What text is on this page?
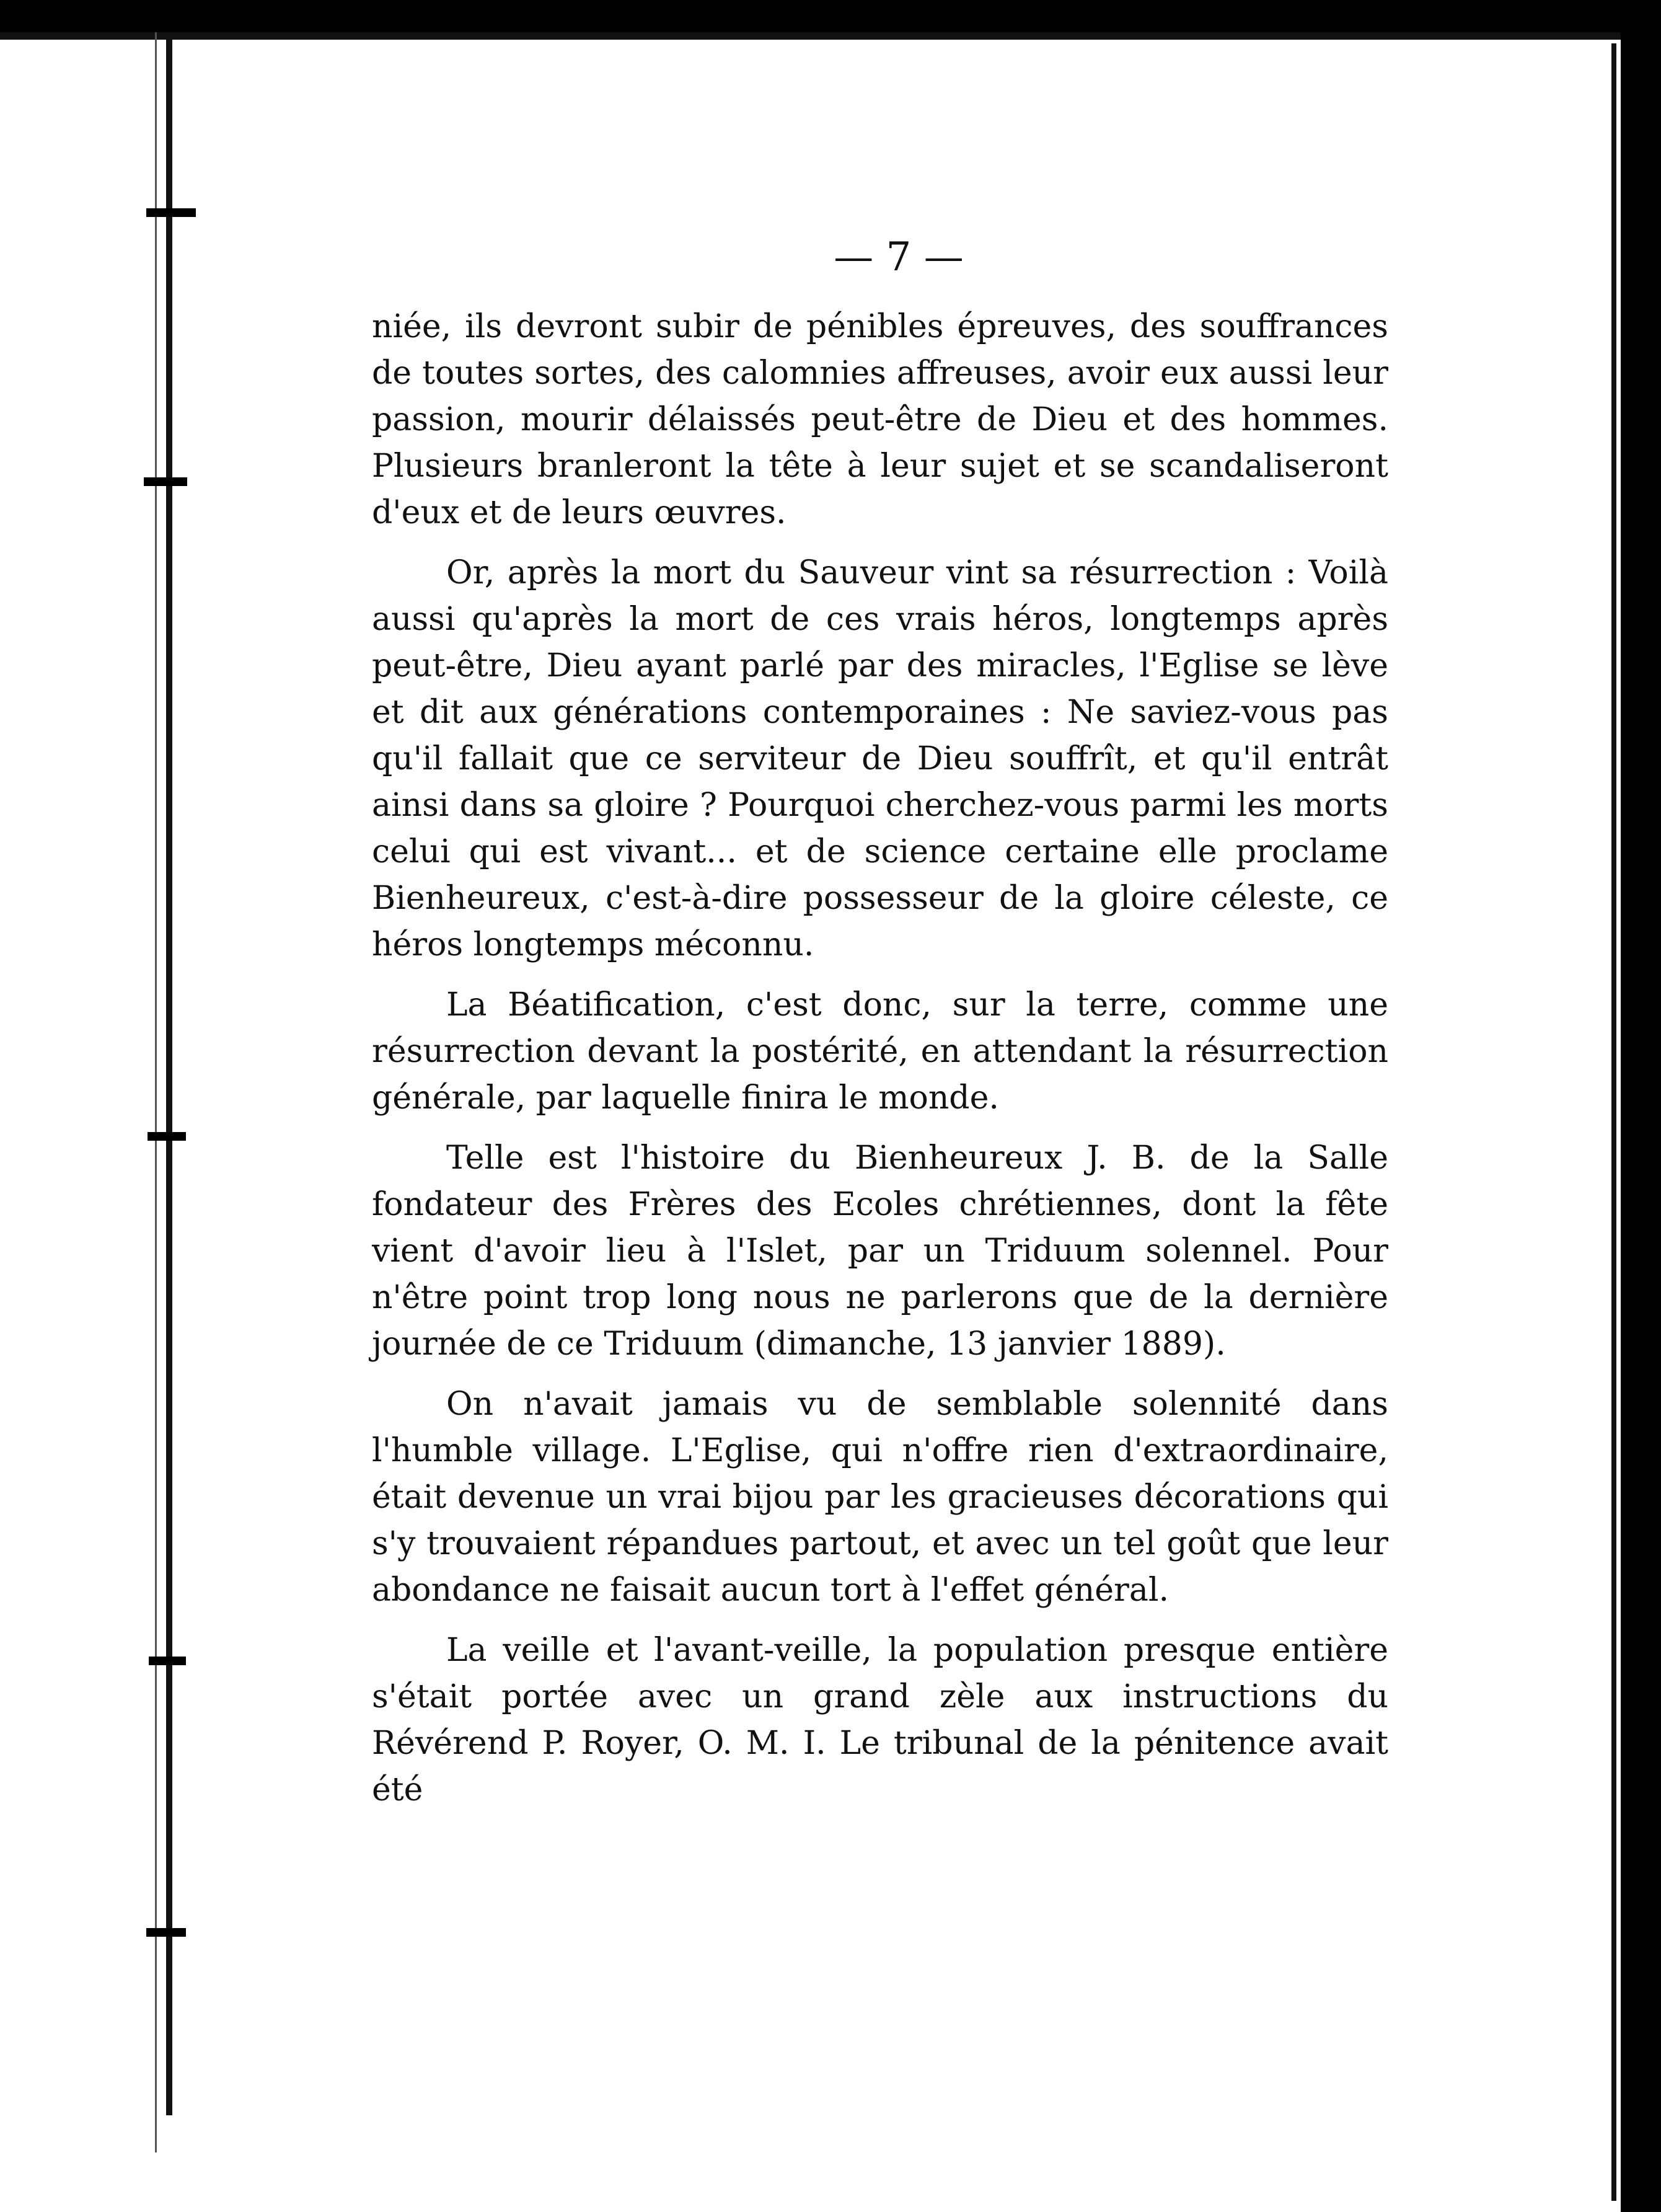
— 7 —

niée, ils devront subir de pénibles épreuves, des souffrances de toutes sortes, des calomnies affreuses, avoir eux aussi leur passion, mourir délaissés peut-être de Dieu et des hommes. Plusieurs branleront la tête à leur sujet et se scandaliseront d'eux et de leurs œuvres.

Or, après la mort du Sauveur vint sa résurrection : Voilà aussi qu'après la mort de ces vrais héros, longtemps après peut-être, Dieu ayant parlé par des miracles, l'Eglise se lève et dit aux générations contemporaines : Ne saviez-vous pas qu'il fallait que ce serviteur de Dieu souffrît, et qu'il entrât ainsi dans sa gloire ? Pourquoi cherchez-vous parmi les morts celui qui est vivant... et de science certaine elle proclame Bienheureux, c'est-à-dire possesseur de la gloire céleste, ce héros longtemps méconnu.

La Béatification, c'est donc, sur la terre, comme une résurrection devant la postérité, en attendant la résurrection générale, par laquelle finira le monde.

Telle est l'histoire du Bienheureux J. B. de la Salle fondateur des Frères des Ecoles chrétiennes, dont la fête vient d'avoir lieu à l'Islet, par un Triduum solennel. Pour n'être point trop long nous ne parlerons que de la dernière journée de ce Triduum (dimanche, 13 janvier 1889).

On n'avait jamais vu de semblable solennité dans l'humble village. L'Eglise, qui n'offre rien d'extraordinaire, était devenue un vrai bijou par les gracieuses décorations qui s'y trouvaient répandues partout, et avec un tel goût que leur abondance ne faisait aucun tort à l'effet général.

La veille et l'avant-veille, la population presque entière s'était portée avec un grand zèle aux instructions du Révérend P. Royer, O. M. I. Le tribunal de la pénitence avait été
